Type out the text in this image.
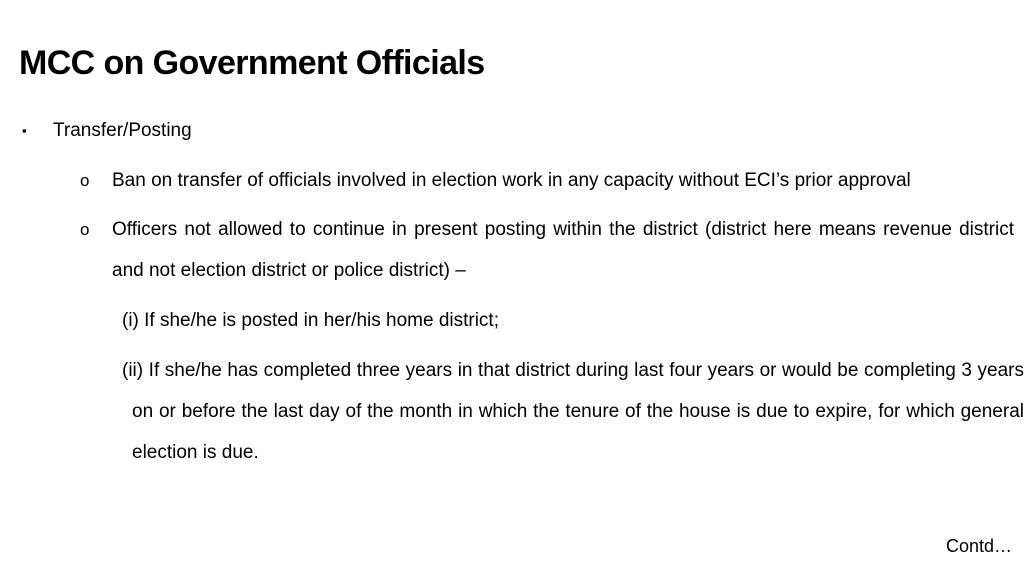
MCC on Government Officials
▪ Transfer/Posting
o Ban on transfer of officials involved in election work in any capacity without ECI’s prior approval

o Officers not allowed to continue in present posting within the district (district here means revenue district and not election district or police district) –

(i) If she/he is posted in her/his home district;

(ii) If she/he has completed three years in that district during last four years or would be completing 3 years on or before the last day of the month in which the tenure of the house is due to expire, for which general election is due.

Contd…
